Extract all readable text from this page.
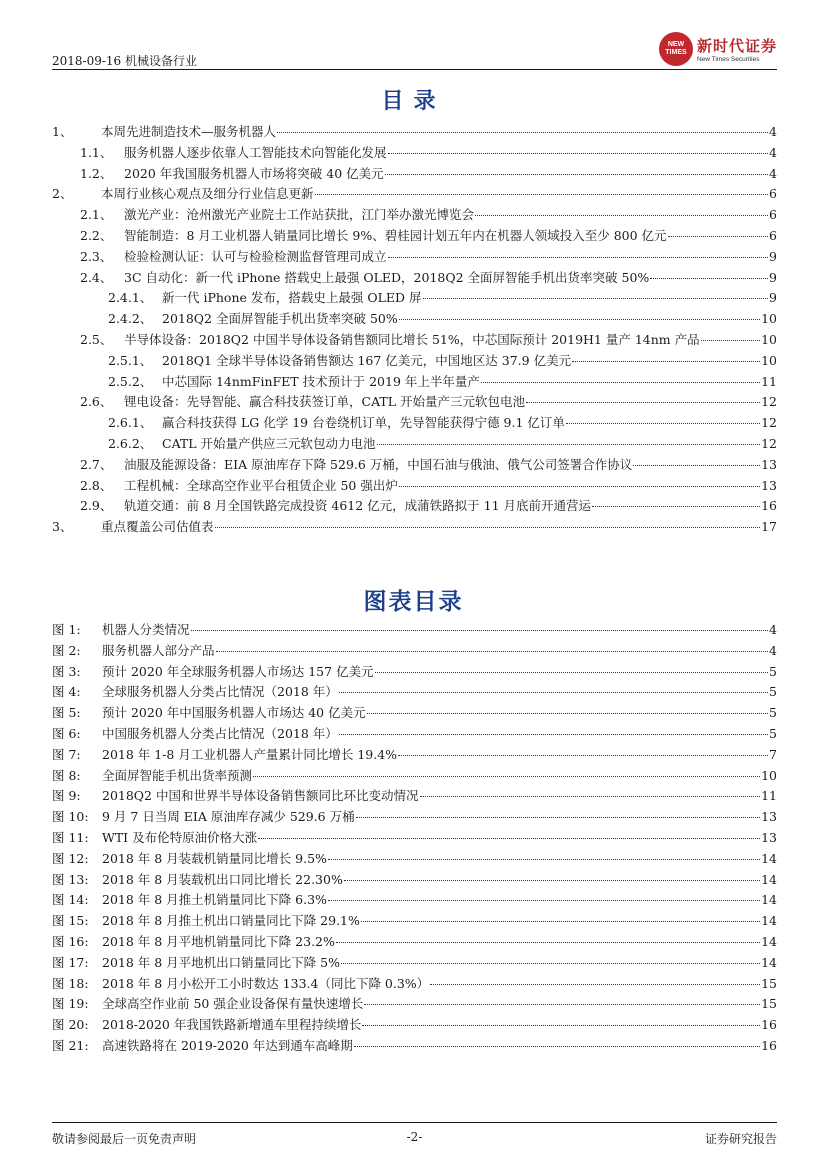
2018-09-16 机械设备行业
NEW TIMES 新时代证券
New Times Securities
目录
1、	本周先进制造技术—服务机器人	4
1.1、 服务机器人逐步依靠人工智能技术向智能化发展	4
1.2、 2020 年我国服务机器人市场将突破 40 亿美元	4
2、	本周行业核心观点及细分行业信息更新	6
2.1、 激光产业：沧州激光产业院士工作站获批，江门举办激光博览会	6
2.2、 智能制造：8 月工业机器人销量同比增长 9%、碧桂园计划五年内在机器人领域投入至少 800 亿元	6
2.3、 检验检测认证：认可与检验检测监督管理司成立	9
2.4、 3C 自动化：新一代 iPhone 搭载史上最强 OLED，2018Q2 全面屏智能手机出货率突破 50%	9
2.4.1、 新一代 iPhone 发布，搭载史上最强 OLED 屏	9
2.4.2、 2018Q2 全面屏智能手机出货率突破 50%	10
2.5、 半导体设备：2018Q2 中国半导体设备销售额同比增长 51%，中芯国际预计 2019H1 量产 14nm 产品	10
2.5.1、 2018Q1 全球半导体设备销售额达 167 亿美元，中国地区达 37.9 亿美元	10
2.5.2、 中芯国际 14nmFinFET 技术预计于 2019 年上半年量产	11
2.6、 锂电设备：先导智能、赢合科技获签订单，CATL 开始量产三元软包电池	12
2.6.1、 赢合科技获得 LG 化学 19 台卷绕机订单，先导智能获得宁德 9.1 亿订单	12
2.6.2、 CATL 开始量产供应三元软包动力电池	12
2.7、 油服及能源设备：EIA 原油库存下降 529.6 万桶，中国石油与俄油、俄气公司签署合作协议	13
2.8、 工程机械：全球高空作业平台租赁企业 50 强出炉	13
2.9、 轨道交通：前 8 月全国铁路完成投资 4612 亿元，成蒲铁路拟于 11 月底前开通营运	16
3、	重点覆盖公司估值表	17
图表目录
图 1:	机器人分类情况	4
图 2:	服务机器人部分产品	4
图 3:	预计 2020 年全球服务机器人市场达 157 亿美元	5
图 4:	全球服务机器人分类占比情况（2018 年）	5
图 5:	预计 2020 年中国服务机器人市场达 40 亿美元	5
图 6:	中国服务机器人分类占比情况（2018 年）	5
图 7:	2018 年 1-8 月工业机器人产量累计同比增长 19.4%	7
图 8:	全面屏智能手机出货率预测	10
图 9:	2018Q2 中国和世界半导体设备销售额同比环比变动情况	11
图 10:	9 月 7 日当周 EIA 原油库存减少 529.6 万桶	13
图 11:	WTI 及布伦特原油价格大涨	13
图 12:	2018 年 8 月装载机销量同比增长 9.5%	14
图 13:	2018 年 8 月装载机出口同比增长 22.30%	14
图 14:	2018 年 8 月推土机销量同比下降 6.3%	14
图 15:	2018 年 8 月推土机出口销量同比下降 29.1%	14
图 16:	2018 年 8 月平地机销量同比下降 23.2%	14
图 17:	2018 年 8 月平地机出口销量同比下降 5%	14
图 18:	2018 年 8 月小松开工小时数达 133.4（同比下降 0.3%）	15
图 19:	全球高空作业前 50 强企业设备保有量快速增长	15
图 20:	2018-2020 年我国铁路新增通车里程持续增长	16
图 21:	高速铁路将在 2019-2020 年达到通车高峰期	16
敬请参阅最后一页免责声明	-2-	证券研究报告
